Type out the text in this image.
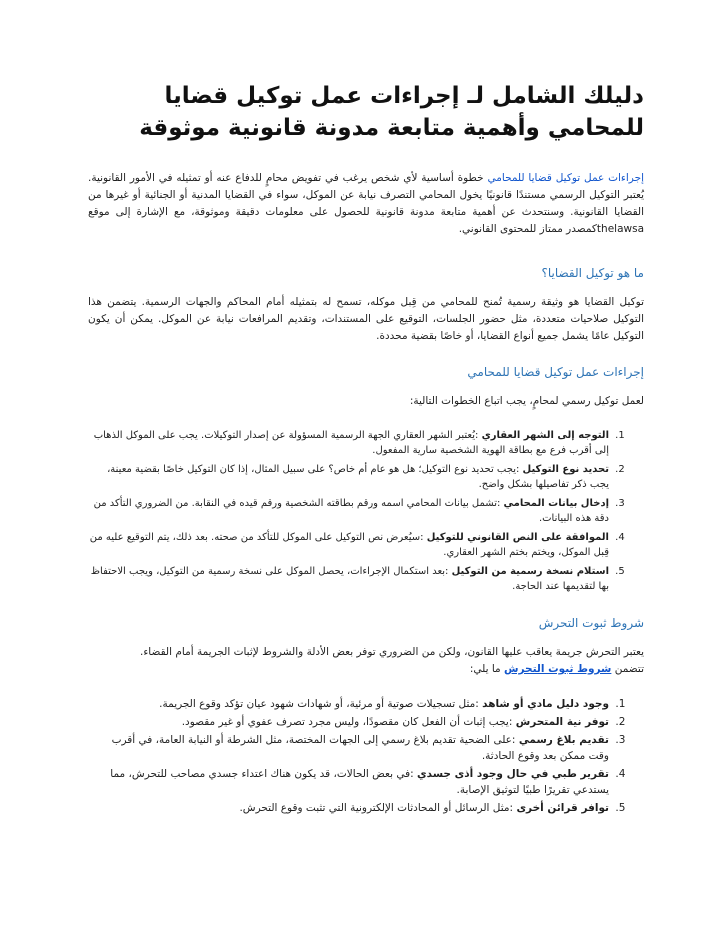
دليلك الشامل لـ إجراءات عمل توكيل قضايا للمحامي وأهمية متابعة مدونة قانونية موثوقة

إجراءات عمل توكيل قضايا للمحامي خطوة أساسية لأي شخص يرغب في تفويض محامٍ للدفاع عنه أو تمثيله في الأمور القانونية. يُعتبر التوكيل الرسمي مستندًا قانونيًا يخول المحامي التصرف نيابة عن الموكل، سواء في القضايا المدنية أو الجنائية أو غيرها من القضايا القانونية. وسنتحدث عن أهمية متابعة مدونة قانونية للحصول على معلومات دقيقة وموثوقة، مع الإشارة إلى موقع thelawsaكمصدر ممتاز للمحتوى القانوني.

ما هو توكيل القضايا؟

توكيل القضايا هو وثيقة رسمية تُمنح للمحامي من قِبل موكله، تسمح له بتمثيله أمام المحاكم والجهات الرسمية. يتضمن هذا التوكيل صلاحيات متعددة، مثل حضور الجلسات، التوقيع على المستندات، وتقديم المرافعات نيابة عن الموكل. يمكن أن يكون التوكيل عامًا يشمل جميع أنواع القضايا، أو خاصًا بقضية محددة.

إجراءات عمل توكيل قضايا للمحامي

لعمل توكيل رسمي لمحامٍ، يجب اتباع الخطوات التالية:

1. التوجه إلى الشهر العقاري :يُعتبر الشهر العقاري الجهة الرسمية المسؤولة عن إصدار التوكيلات. يجب على الموكل الذهاب إلى أقرب فرع مع بطاقة الهوية الشخصية سارية المفعول.
2. تحديد نوع التوكيل :يجب تحديد نوع التوكيل؛ هل هو عام أم خاص؟ على سبيل المثال، إذا كان التوكيل خاصًا بقضية معينة، يجب ذكر تفاصيلها بشكل واضح.
3. إدخال بيانات المحامي :تشمل بيانات المحامي اسمه ورقم بطاقته الشخصية ورقم قيده في النقابة. من الضروري التأكد من دقة هذه البيانات.
4. الموافقة على النص القانوني للتوكيل :سيُعرض نص التوكيل على الموكل للتأكد من صحته. بعد ذلك، يتم التوقيع عليه من قِبل الموكل، ويختم بختم الشهر العقاري.
5. استلام نسخة رسمية من التوكيل :بعد استكمال الإجراءات، يحصل الموكل على نسخة رسمية من التوكيل، ويجب الاحتفاظ بها لتقديمها عند الحاجة.
شروط ثبوت التحرش

يعتبر التحرش جريمة يعاقب عليها القانون، ولكن من الضروري توفر بعض الأدلة والشروط لإثبات الجريمة أمام القضاء.

تتضمن شروط ثبوت التحرش ما يلي:

1. وجود دليل مادي أو شاهد :مثل تسجيلات صوتية أو مرئية، أو شهادات شهود عيان تؤكد وقوع الجريمة.
2. توفر نية المتحرش :يجب إثبات أن الفعل كان مقصودًا، وليس مجرد تصرف عفوي أو غير مقصود.
3. تقديم بلاغ رسمي :على الضحية تقديم بلاغ رسمي إلى الجهات المختصة، مثل الشرطة أو النيابة العامة، في أقرب وقت ممكن بعد وقوع الحادثة.
4. تقرير طبي في حال وجود أذى جسدي :في بعض الحالات، قد يكون هناك اعتداء جسدي مصاحب للتحرش، مما يستدعي تقريرًا طبيًا لتوثيق الإصابة.
5. توافر قرائن أخرى :مثل الرسائل أو المحادثات الإلكترونية التي تثبت وقوع التحرش.
